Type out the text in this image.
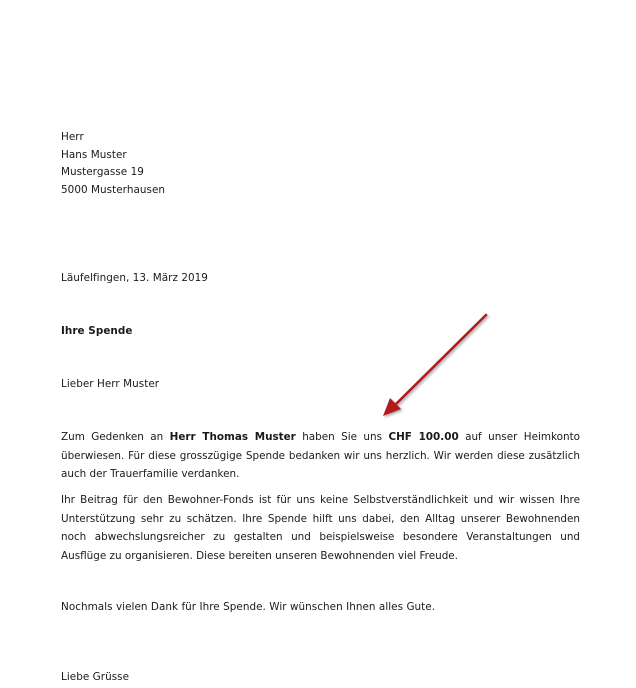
Herr
Hans Muster
Mustergasse 19
5000 Musterhausen
Läufelfingen, 13. März 2019
Ihre Spende
Lieber Herr Muster
Zum Gedenken an Herr Thomas Muster haben Sie uns CHF 100.00 auf unser Heimkonto überwiesen. Für diese grosszügige Spende bedanken wir uns herzlich. Wir werden diese zusätzlich auch der Trauerfamilie verdanken.
Ihr Beitrag für den Bewohner-Fonds ist für uns keine Selbstverständlichkeit und wir wissen Ihre Unterstützung sehr zu schätzen. Ihre Spende hilft uns dabei, den Alltag unserer Bewohnenden noch abwechslungsreicher zu gestalten und beispielsweise besondere Veranstaltungen und Ausflüge zu organisieren. Diese bereiten unseren Bewohnenden viel Freude.
Nochmals vielen Dank für Ihre Spende. Wir wünschen Ihnen alles Gute.
Liebe Grüsse
